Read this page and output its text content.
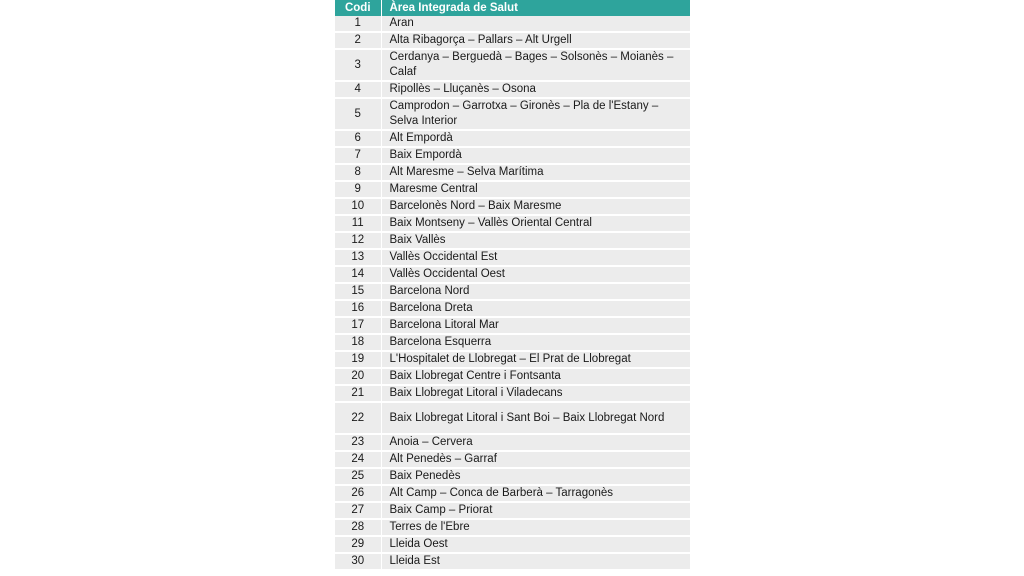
Codi	Àrea Integrada de Salut
1	Aran
2	Alta Ribagorça – Pallars – Alt Urgell
3	Cerdanya – Berguedà – Bages – Solsonès – Moianès – Calaf
4	Ripollès – Lluçanès – Osona
5	Camprodon – Garrotxa – Gironès – Pla de l'Estany – Selva Interior
6	Alt Empordà
7	Baix Empordà
8	Alt Maresme – Selva Marítima
9	Maresme Central
10	Barcelonès Nord – Baix Maresme
11	Baix Montseny – Vallès Oriental Central
12	Baix Vallès
13	Vallès Occidental Est
14	Vallès Occidental Oest
15	Barcelona Nord
16	Barcelona Dreta
17	Barcelona Litoral Mar
18	Barcelona Esquerra
19	L'Hospitalet de Llobregat – El Prat de Llobregat
20	Baix Llobregat Centre i Fontsanta
21	Baix Llobregat Litoral i Viladecans
22	Baix Llobregat Litoral i Sant Boi – Baix Llobregat Nord
23	Anoia – Cervera
24	Alt Penedès – Garraf
25	Baix Penedès
26	Alt Camp – Conca de Barberà – Tarragonès
27	Baix Camp – Priorat
28	Terres de l'Ebre
29	Lleida Oest
30	Lleida Est
